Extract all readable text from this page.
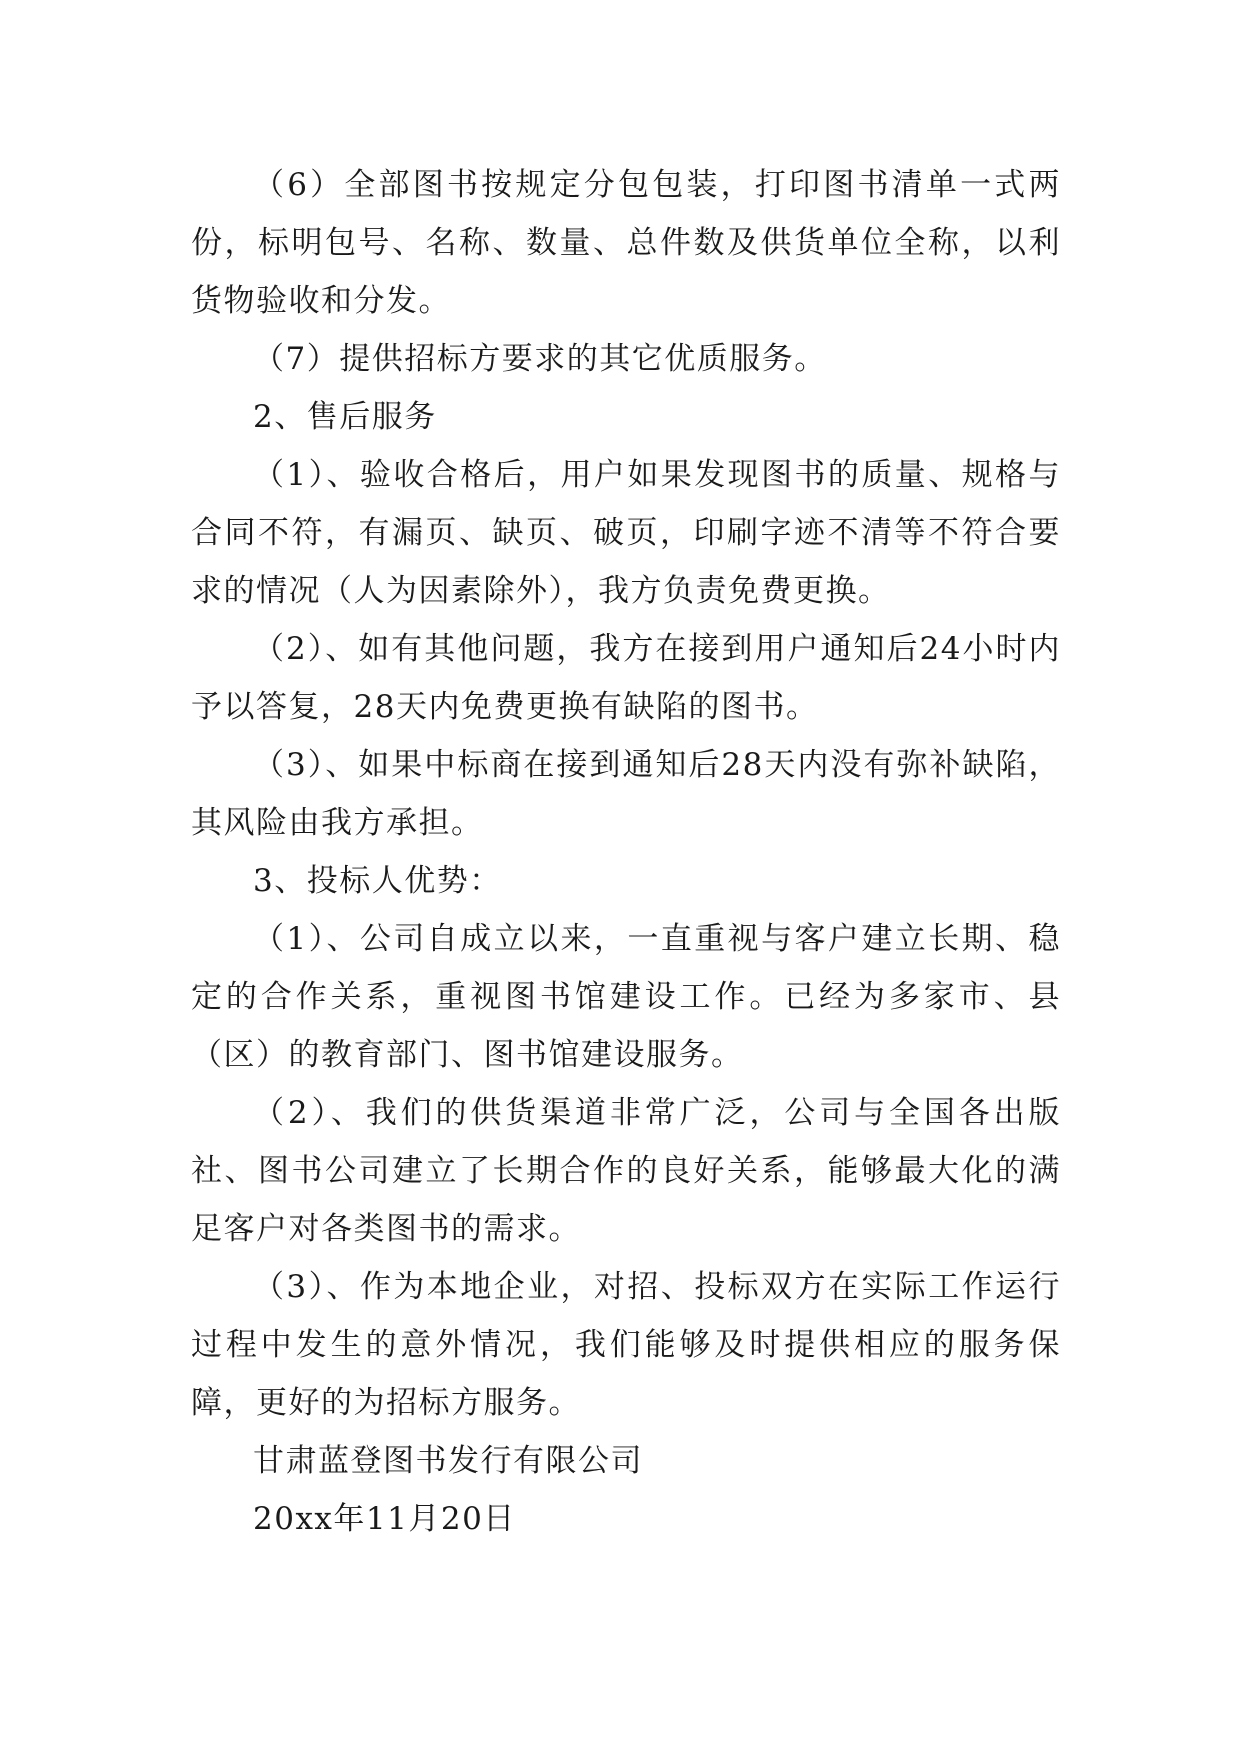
（6）全部图书按规定分包包装，打印图书清单一式两份，标明包号、名称、数量、总件数及供货单位全称，以利货物验收和分发。

（7）提供招标方要求的其它优质服务。

2、售后服务

（1）、验收合格后，用户如果发现图书的质量、规格与合同不符，有漏页、缺页、破页，印刷字迹不清等不符合要求的情况（人为因素除外），我方负责免费更换。

（2）、如有其他问题，我方在接到用户通知后24小时内予以答复，28天内免费更换有缺陷的图书。

（3）、如果中标商在接到通知后28天内没有弥补缺陷，其风险由我方承担。

3、投标人优势：

（1）、公司自成立以来，一直重视与客户建立长期、稳定的合作关系，重视图书馆建设工作。已经为多家市、县（区）的教育部门、图书馆建设服务。

（2）、我们的供货渠道非常广泛，公司与全国各出版社、图书公司建立了长期合作的良好关系，能够最大化的满足客户对各类图书的需求。

（3）、作为本地企业，对招、投标双方在实际工作运行过程中发生的意外情况，我们能够及时提供相应的服务保障，更好的为招标方服务。

甘肃蓝登图书发行有限公司

20xx年11月20日
